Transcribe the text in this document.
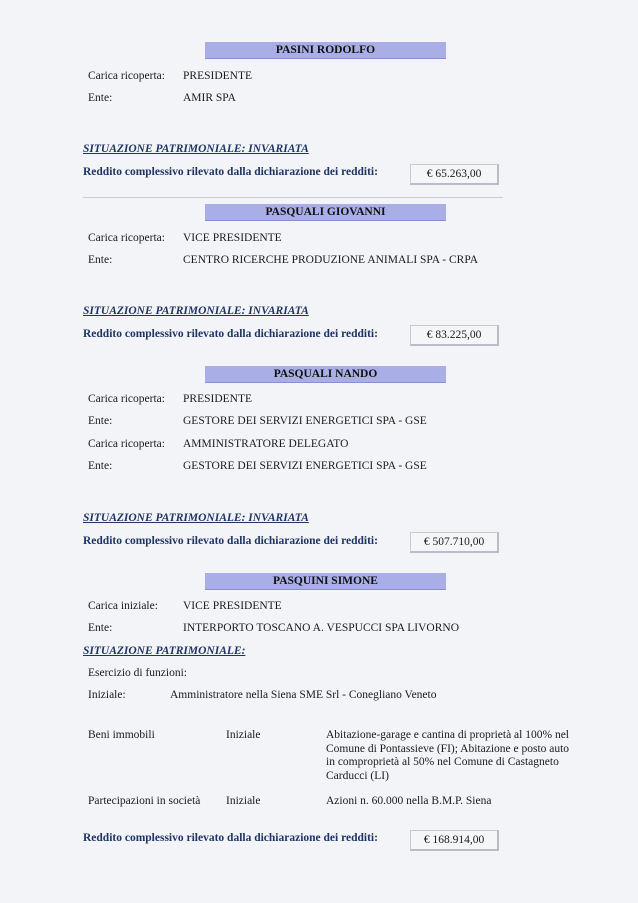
PASINI RODOLFO
Carica ricoperta: PRESIDENTE
Ente:	AMIR SPA
SITUAZIONE PATRIMONIALE: INVARIATA
Reddito complessivo rilevato dalla dichiarazione dei redditi:	€ 65.263,00
PASQUALI GIOVANNI
Carica ricoperta: VICE PRESIDENTE
Ente:	CENTRO RICERCHE PRODUZIONE ANIMALI SPA - CRPA
SITUAZIONE PATRIMONIALE: INVARIATA
Reddito complessivo rilevato dalla dichiarazione dei redditi:	€ 83.225,00
PASQUALI NANDO
Carica ricoperta: PRESIDENTE
Ente:	GESTORE DEI SERVIZI ENERGETICI SPA - GSE
Carica ricoperta: AMMINISTRATORE DELEGATO
Ente:	GESTORE DEI SERVIZI ENERGETICI SPA - GSE
SITUAZIONE PATRIMONIALE: INVARIATA
Reddito complessivo rilevato dalla dichiarazione dei redditi:	€ 507.710,00
PASQUINI SIMONE
Carica iniziale: VICE PRESIDENTE
Ente:	INTERPORTO TOSCANO A. VESPUCCI SPA LIVORNO
SITUAZIONE PATRIMONIALE:
Esercizio di funzioni:
Iniziale:	Amministratore nella Siena SME Srl - Conegliano Veneto
Beni immobili	Iniziale	Abitazione-garage e cantina di proprietà al 100% nel Comune di Pontassieve (FI); Abitazione e posto auto in comproprietà al 50% nel Comune di Castagneto Carducci (LI)
Partecipazioni in società Iniziale	Azioni n. 60.000 nella B.M.P. Siena
Reddito complessivo rilevato dalla dichiarazione dei redditi:	€ 168.914,00
